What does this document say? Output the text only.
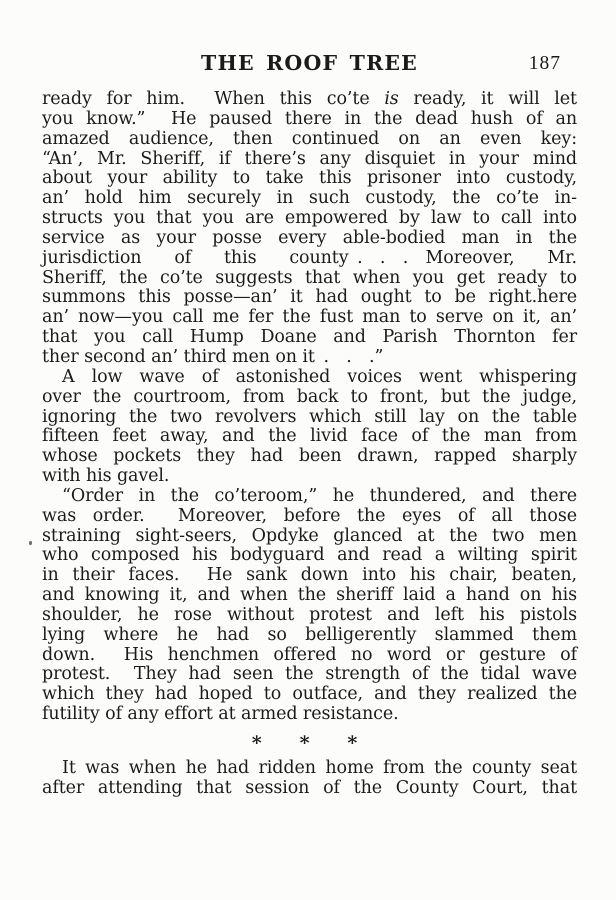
THE ROOF TREE	187
ready for him.  When this co’te is ready, it will let
you know.”  He paused there in the dead hush of an
amazed audience, then continued on an even key:
“An’, Mr. Sheriff, if there’s any disquiet in your mind
about your ability to take this prisoner into custody,
an’ hold him securely in such custody, the co’te in-
structs you that you are empowered by law to call into
service as your posse every able-bodied man in the
jurisdiction of this county .  .  .  Moreover, Mr.
Sheriff, the co’te suggests that when you get ready to
summons this posse—an’ it had ought to be right.here
an’ now—you call me fer the fust man to serve on it, an’
that you call Hump Doane and Parish Thornton fer
ther second an’ third men on it .  .  .”
A low wave of astonished voices went whispering
over the courtroom, from back to front, but the judge,
ignoring the two revolvers which still lay on the table
fifteen feet away, and the livid face of the man from
whose pockets they had been drawn, rapped sharply
with his gavel.
“Order in the co’teroom,” he thundered, and there
was order.  Moreover, before the eyes of all those
straining sight-seers, Opdyke glanced at the two men
who composed his bodyguard and read a wilting spirit
in their faces.  He sank down into his chair, beaten,
and knowing it, and when the sheriff laid a hand on his
shoulder, he rose without protest and left his pistols
lying where he had so belligerently slammed them
down.  His henchmen offered no word or gesture of
protest.  They had seen the strength of the tidal wave
which they had hoped to outface, and they realized the
futility of any effort at armed resistance.
* * *
It was when he had ridden home from the county seat
after attending that session of the County Court, that
